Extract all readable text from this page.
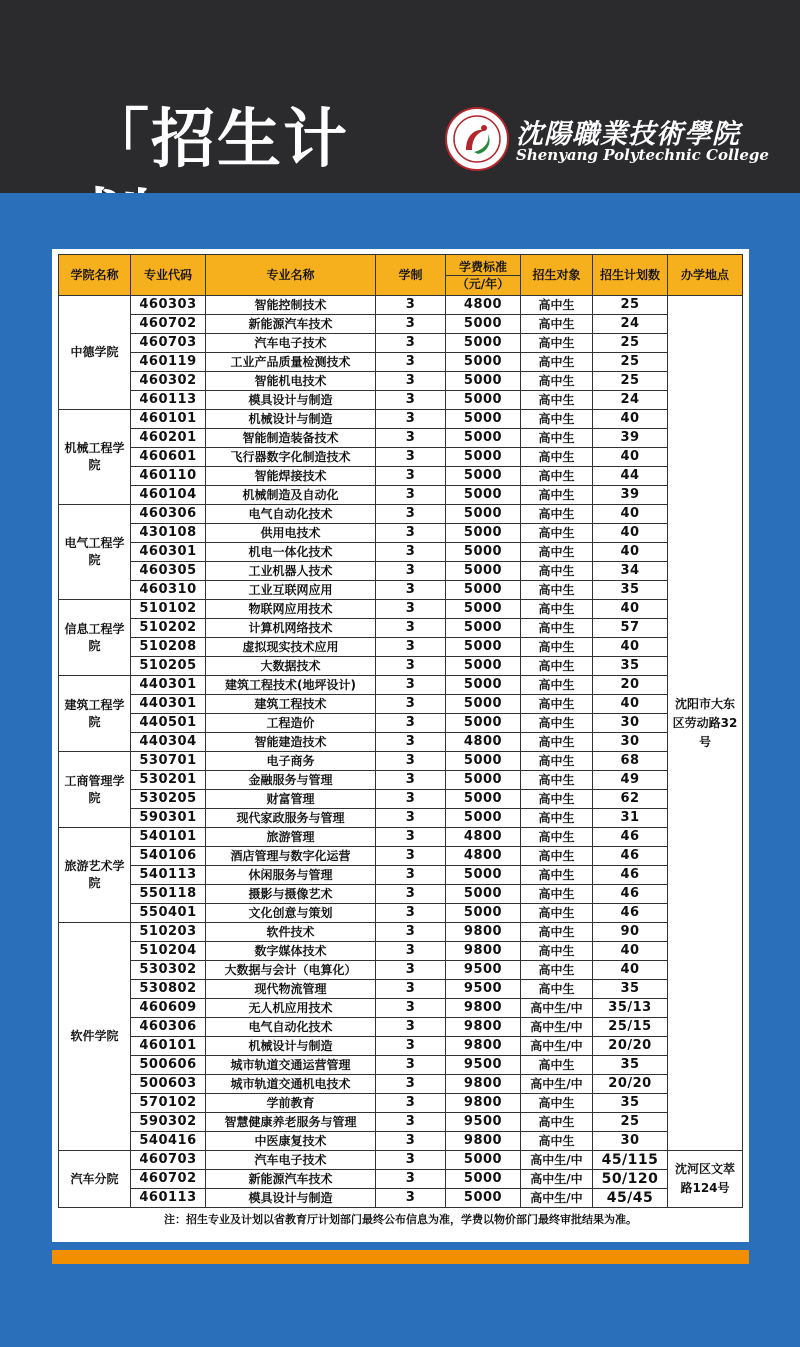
「招生计	沈陽職業技術學院
Shenyang Polytechnic College
学院名称	专业代码	专业名称	学制	学费标准
（元/年）	招生对象	招生计划数	办学地点
中德学院	460303	智能控制技术	3	4800	高中生	25	沈阳市大东区劳动路32号
	460702	新能源汽车技术	3	5000	高中生	24	
	460703	汽车电子技术	3	5000	高中生	25	
	460119	工业产品质量检测技术	3	5000	高中生	25	
	460302	智能机电技术	3	5000	高中生	25	
	460113	模具设计与制造	3	5000	高中生	24	
机械工程学院	460101	机械设计与制造	3	5000	高中生	40	
	460201	智能制造装备技术	3	5000	高中生	39	
	460601	飞行器数字化制造技术	3	5000	高中生	40	
	460110	智能焊接技术	3	5000	高中生	44	
	460104	机械制造及自动化	3	5000	高中生	39	
电气工程学院	460306	电气自动化技术	3	5000	高中生	40	
	430108	供用电技术	3	5000	高中生	40	
	460301	机电一体化技术	3	5000	高中生	40	
	460305	工业机器人技术	3	5000	高中生	34	
	460310	工业互联网应用	3	5000	高中生	35	
信息工程学院	510102	物联网应用技术	3	5000	高中生	40	
	510202	计算机网络技术	3	5000	高中生	57	
	510208	虚拟现实技术应用	3	5000	高中生	40	
	510205	大数据技术	3	5000	高中生	35	
建筑工程学院	440301	建筑工程技术(地坪设计)	3	5000	高中生	20	
	440301	建筑工程技术	3	5000	高中生	40	
	440501	工程造价	3	5000	高中生	30	
	440304	智能建造技术	3	4800	高中生	30	
工商管理学院	530701	电子商务	3	5000	高中生	68	
	530201	金融服务与管理	3	5000	高中生	49	
	530205	财富管理	3	5000	高中生	62	
	590301	现代家政服务与管理	3	5000	高中生	31	
旅游艺术学院	540101	旅游管理	3	4800	高中生	46	
	540106	酒店管理与数字化运营	3	4800	高中生	46	
	540113	休闲服务与管理	3	5000	高中生	46	
	550118	摄影与摄像艺术	3	5000	高中生	46	
	550401	文化创意与策划	3	5000	高中生	46	
软件学院	510203	软件技术	3	9800	高中生	90	
	510204	数字媒体技术	3	9800	高中生	40	
	530302	大数据与会计（电算化）	3	9500	高中生	40	
	530802	现代物流管理	3	9500	高中生	35	
	460609	无人机应用技术	3	9800	高中生/中	35/13	
	460306	电气自动化技术	3	9800	高中生/中	25/15	
	460101	机械设计与制造	3	9800	高中生/中	20/20	
	500606	城市轨道交通运营管理	3	9500	高中生	35	
	500603	城市轨道交通机电技术	3	9800	高中生/中	20/20	
	570102	学前教育	3	9800	高中生	35	
	590302	智慧健康养老服务与管理	3	9500	高中生	25	
	540416	中医康复技术	3	9800	高中生	30	
汽车分院	460703	汽车电子技术	3	5000	高中生/中	45/115	沈河区文萃路124号
	460702	新能源汽车技术	3	5000	高中生/中	50/120	
	460113	模具设计与制造	3	5000	高中生/中	45/45	
注：招生专业及计划以省教育厅计划部门最终公布信息为准，学费以物价部门最终审批结果为准。
